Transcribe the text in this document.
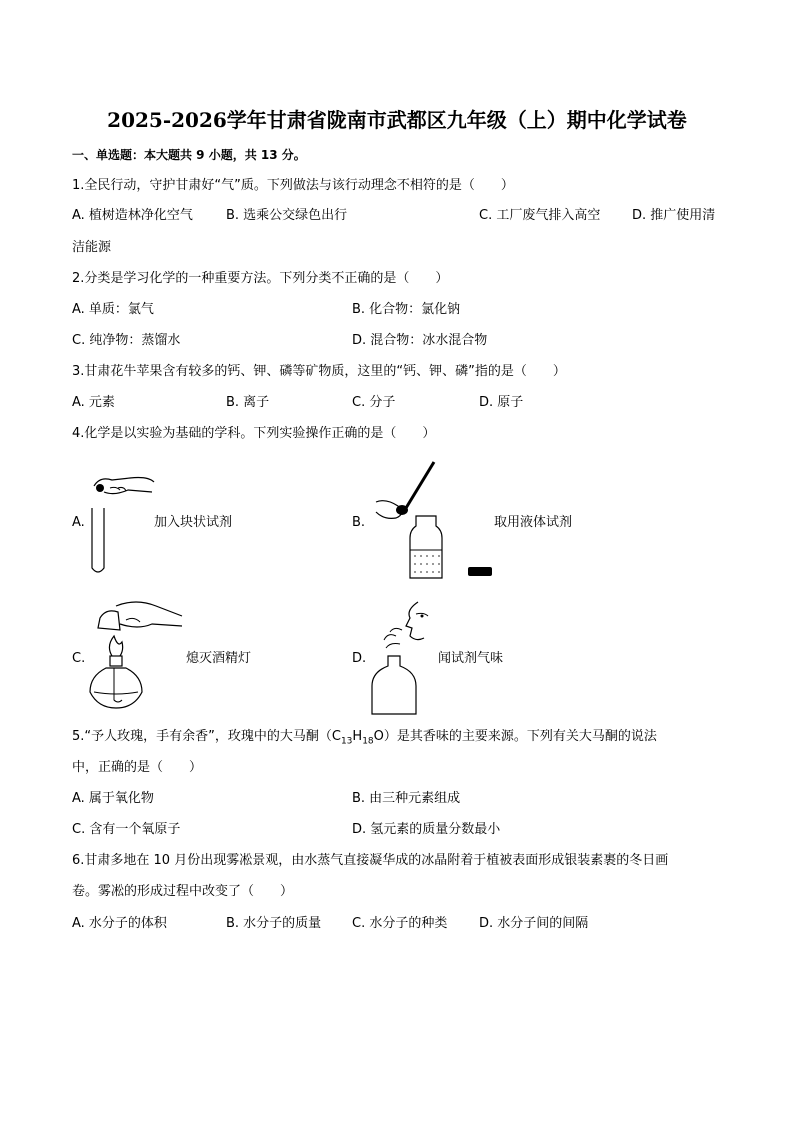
2025-2026学年甘肃省陇南市武都区九年级（上）期中化学试卷
一、单选题：本大题共 9 小题，共 13 分。
1.全民行动，守护甘肃好“气”质。下列做法与该行动理念不相符的是（　　）
A. 植树造林净化空气	B. 选乘公交绿色出行	C. 工厂废气排入高空 D. 推广使用清
洁能源
2.分类是学习化学的一种重要方法。下列分类不正确的是（　　）
A. 单质：氯气	B. 化合物：氯化钠
C. 纯净物：蒸馏水	D. 混合物：冰水混合物
3.甘肃花牛苹果含有较多的钙、钾、磷等矿物质，这里的“钙、钾、磷”指的是（　　）
A. 元素	B. 离子	C. 分子	D. 原子
4.化学是以实验为基础的学科。下列实验操作正确的是（　　）
A.	加入块状试剂	B.	取用液体试剂
C.	熄灭酒精灯	D.	闻试剂气味
5.“予人玫瑰，手有余香”，玫瑰中的大马酮$(C_{13}H_{18}O)$是其香味的主要来源。下列有关大马酮的说法
中，正确的是（　　）
A. 属于氧化物	B. 由三种元素组成
C. 含有一个氧原子	D. 氢元素的质量分数最小
6.甘肃多地在 10 月份出现雾凇景观，由水蒸气直接凝华成的冰晶附着于植被表面形成银装素裹的冬日画
卷。雾凇的形成过程中改变了（　　）
A. 水分子的体积	B. 水分子的质量 C. 水分子的种类 D. 水分子间的间隔
